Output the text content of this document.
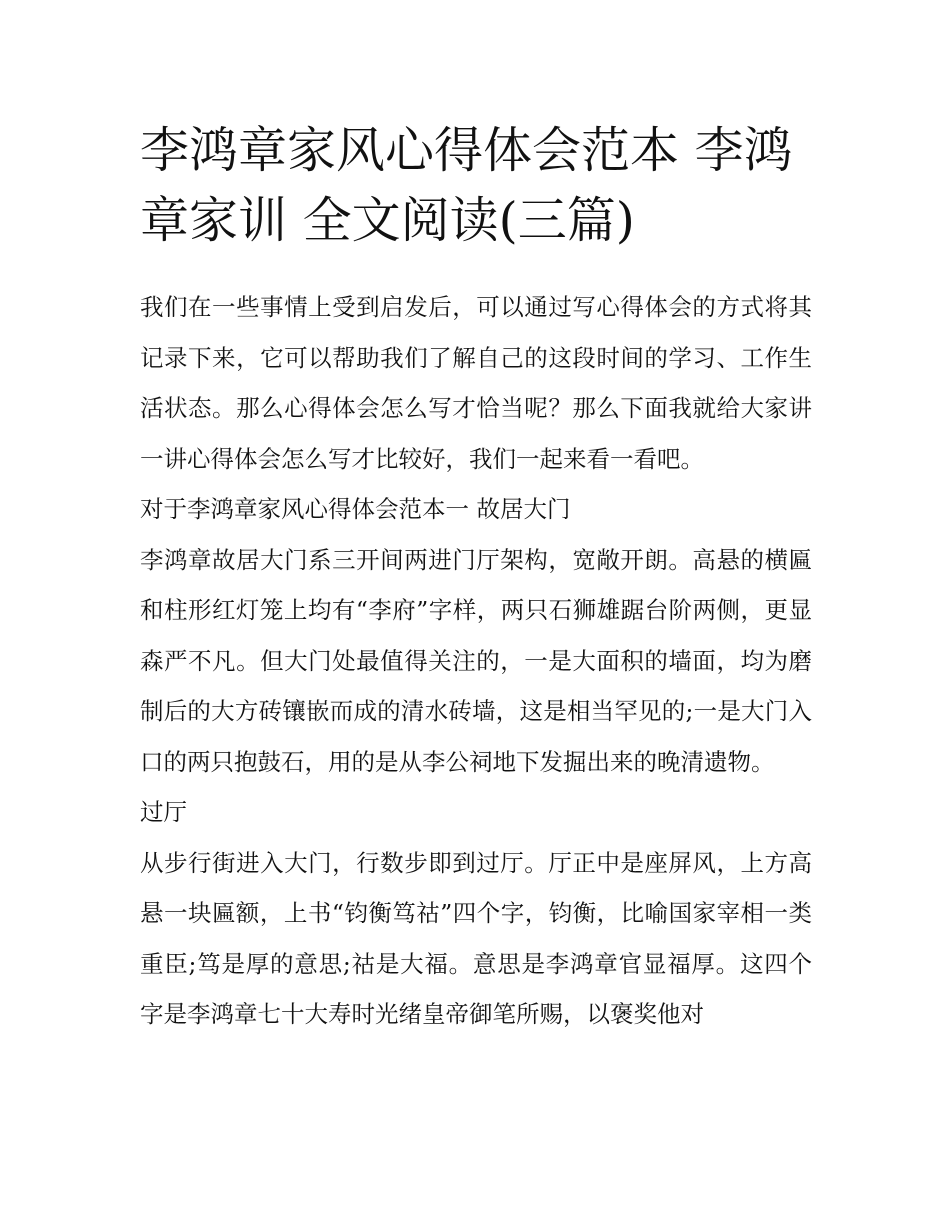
李鸿章家风心得体会范本 李鸿章家训 全文阅读(三篇)

我们在一些事情上受到启发后，可以通过写心得体会的方式将其记录下来，它可以帮助我们了解自己的这段时间的学习、工作生活状态。那么心得体会怎么写才恰当呢？那么下面我就给大家讲一讲心得体会怎么写才比较好，我们一起来看一看吧。

对于李鸿章家风心得体会范本一 故居大门

李鸿章故居大门系三开间两进门厅架构，宽敞开朗。高悬的横匾和柱形红灯笼上均有“李府”字样，两只石狮雄踞台阶两侧，更显森严不凡。但大门处最值得关注的，一是大面积的墙面，均为磨制后的大方砖镶嵌而成的清水砖墙，这是相当罕见的;一是大门入口的两只抱鼓石，用的是从李公祠地下发掘出来的晚清遗物。

过厅

从步行街进入大门，行数步即到过厅。厅正中是座屏风，上方高悬一块匾额，上书“钧衡笃祜”四个字，钧衡，比喻国家宰相一类重臣;笃是厚的意思;祜是大福。意思是李鸿章官显福厚。这四个字是李鸿章七十大寿时光绪皇帝御笔所赐，以褒奖他对
